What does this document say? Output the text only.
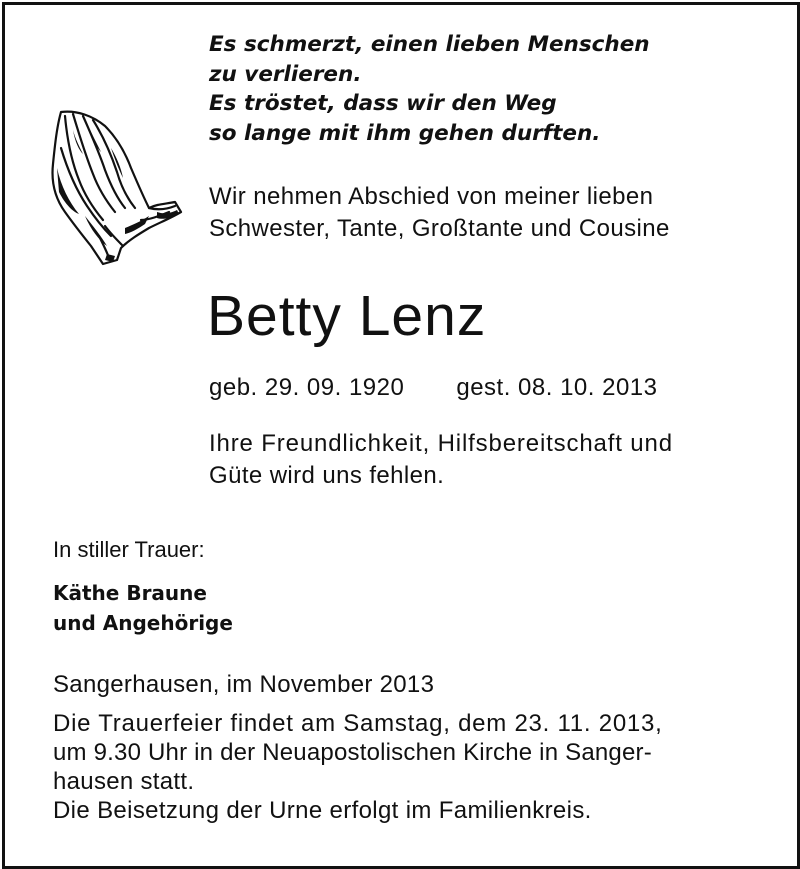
Es schmerzt, einen lieben Menschen
zu verlieren.
Es tröstet, dass wir den Weg
so lange mit ihm gehen durften.
Wir nehmen Abschied von meiner lieben
Schwester, Tante, Großtante und Cousine
Betty Lenz
geb. 29. 09. 1920 gest. 08. 10. 2013
Ihre Freundlichkeit, Hilfsbereitschaft und
Güte wird uns fehlen.
In stiller Trauer:
Käthe Braune
und Angehörige
Sangerhausen, im November 2013
Die Trauerfeier findet am Samstag, dem 23. 11. 2013,
um 9.30 Uhr in der Neuapostolischen Kirche in Sanger-
hausen statt.
Die Beisetzung der Urne erfolgt im Familienkreis.
